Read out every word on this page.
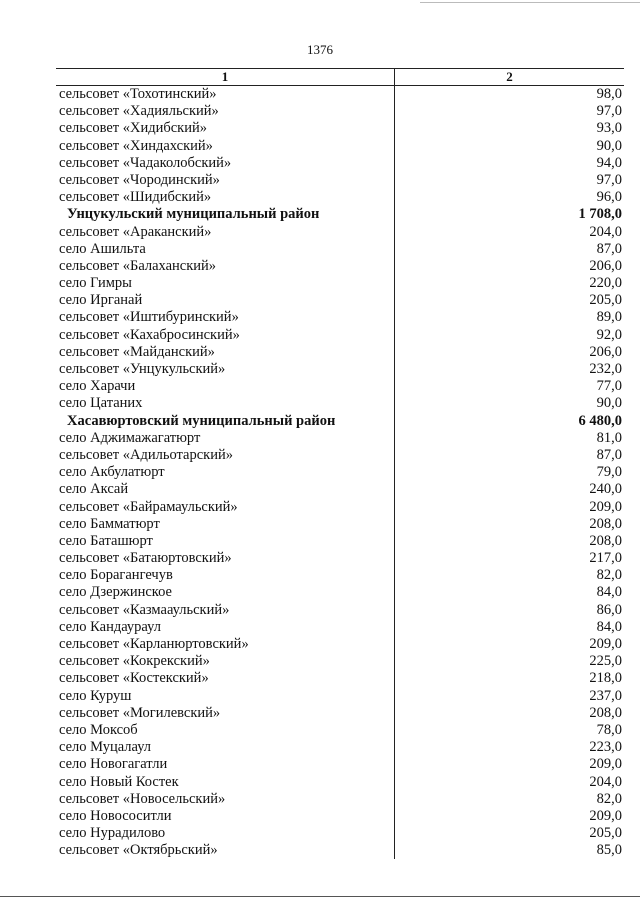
1376
1	2
сельсовет «Тохотинский»	98,0
сельсовет «Хадияльский»	97,0
сельсовет «Хидибский»	93,0
сельсовет «Хиндахский»	90,0
сельсовет «Чадаколобский»	94,0
сельсовет «Чородинский»	97,0
сельсовет «Шидибский»	96,0
Унцукульский муниципальный район	1 708,0
сельсовет «Араканский»	204,0
село Ашильта	87,0
сельсовет «Балаханский»	206,0
село Гимры	220,0
село Ирганай	205,0
сельсовет «Иштибуринский»	89,0
сельсовет «Кахабросинский»	92,0
сельсовет «Майданский»	206,0
сельсовет «Унцукульский»	232,0
село Харачи	77,0
село Цатаних	90,0
Хасавюртовский муниципальный район	6 480,0
село Аджимажагатюрт	81,0
сельсовет «Адильотарский»	87,0
село Акбулатюрт	79,0
село Аксай	240,0
сельсовет «Байрамаульский»	209,0
село Бамматюрт	208,0
село Баташюрт	208,0
сельсовет «Батаюртовский»	217,0
село Борагангечув	82,0
село Дзержинское	84,0
сельсовет «Казмааульский»	86,0
село Кандаураул	84,0
сельсовет «Карланюртовский»	209,0
сельсовет «Кокрекский»	225,0
сельсовет «Костекский»	218,0
село Куруш	237,0
сельсовет «Могилевский»	208,0
село Моксоб	78,0
село Муцалаул	223,0
село Новогагатли	209,0
село Новый Костек	204,0
сельсовет «Новосельский»	82,0
село Новососитли	209,0
село Нурадилово	205,0
сельсовет «Октябрьский»	85,0
